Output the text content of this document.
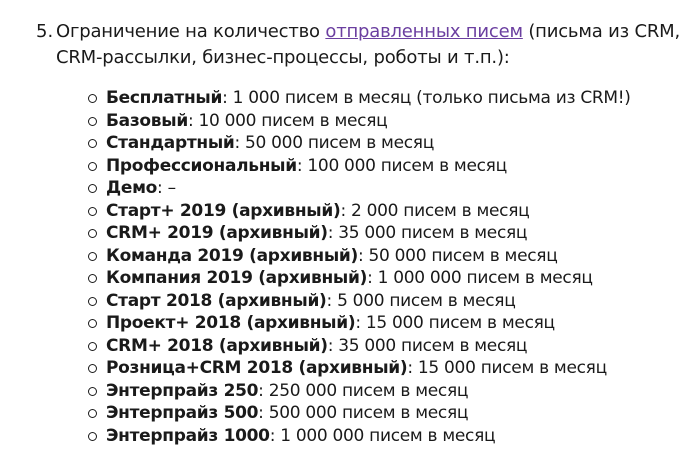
5. Ограничение на количество отправленных писем (письма из CRM, CRM-рассылки, бизнес-процессы, роботы и т.п.):
Бесплатный: 1 000 писем в месяц (только письма из CRM!)
Базовый: 10 000 писем в месяц
Стандартный: 50 000 писем в месяц
Профессиональный: 100 000 писем в месяц
Демо: –
Старт+ 2019 (архивный): 2 000 писем в месяц
CRM+ 2019 (архивный): 35 000 писем в месяц
Команда 2019 (архивный): 50 000 писем в месяц
Компания 2019 (архивный): 1 000 000 писем в месяц
Старт 2018 (архивный): 5 000 писем в месяц
Проект+ 2018 (архивный): 15 000 писем в месяц
CRM+ 2018 (архивный): 35 000 писем в месяц
Розница+CRM 2018 (архивный): 15 000 писем в месяц
Энтерпрайз 250: 250 000 писем в месяц
Энтерпрайз 500: 500 000 писем в месяц
Энтерпрайз 1000: 1 000 000 писем в месяц
